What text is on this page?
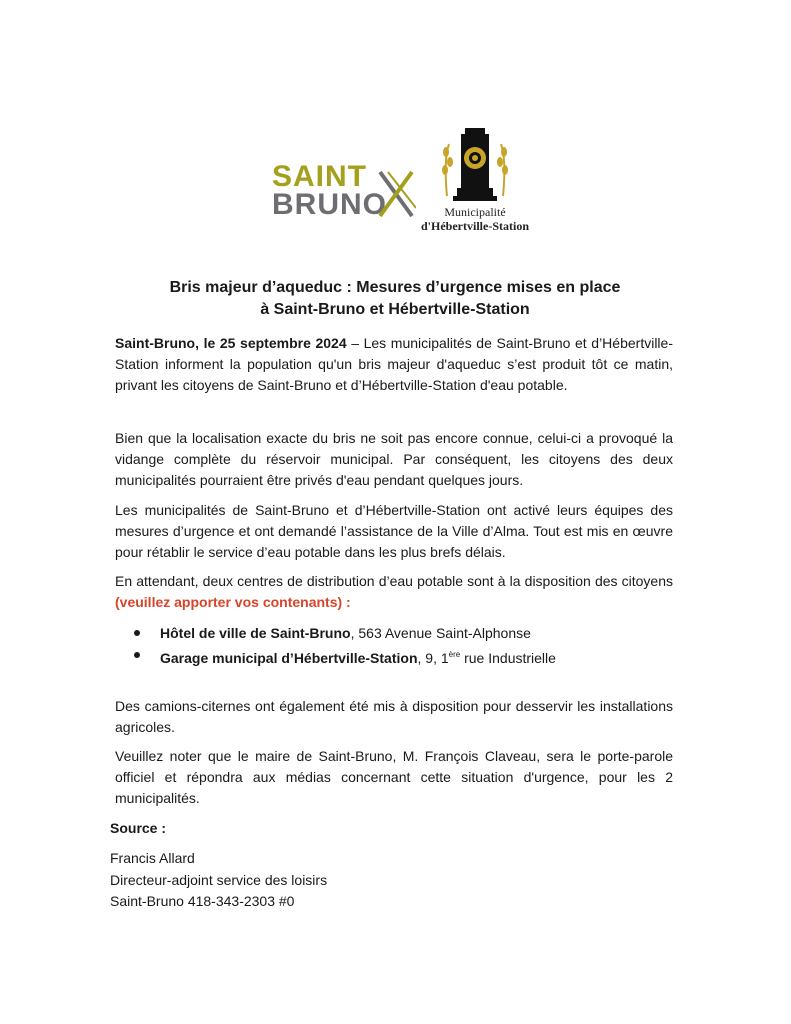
SAINT
BRUNO	Municipalité
d'Hébertville-Station
Bris majeur d’aqueduc : Mesures d’urgence mises en place
à Saint-Bruno et Hébertville-Station

Saint-Bruno, le 25 septembre 2024 – Les municipalités de Saint-Bruno et d’Hébertville-Station informent la population qu'un bris majeur d'aqueduc s’est produit tôt ce matin, privant les citoyens de Saint-Bruno et d’Hébertville-Station d'eau potable.

Bien que la localisation exacte du bris ne soit pas encore connue, celui-ci a provoqué la vidange complète du réservoir municipal. Par conséquent, les citoyens des deux municipalités pourraient être privés d'eau pendant quelques jours.

Les municipalités de Saint-Bruno et d’Hébertville-Station ont activé leurs équipes des mesures d’urgence et ont demandé l’assistance de la Ville d’Alma. Tout est mis en œuvre pour rétablir le service d’eau potable dans les plus brefs délais.

En attendant, deux centres de distribution d’eau potable sont à la disposition des citoyens (veuillez apporter vos contenants) :

Hôtel de ville de Saint-Bruno, 563 Avenue Saint-Alphonse
Garage municipal d’Hébertville-Station, 9, 1ère rue Industrielle

Des camions-citernes ont également été mis à disposition pour desservir les installations agricoles.

Veuillez noter que le maire de Saint-Bruno, M. François Claveau, sera le porte-parole officiel et répondra aux médias concernant cette situation d'urgence, pour les 2 municipalités.

Source :
Francis Allard
Directeur-adjoint service des loisirs
Saint-Bruno 418-343-2303 #0
